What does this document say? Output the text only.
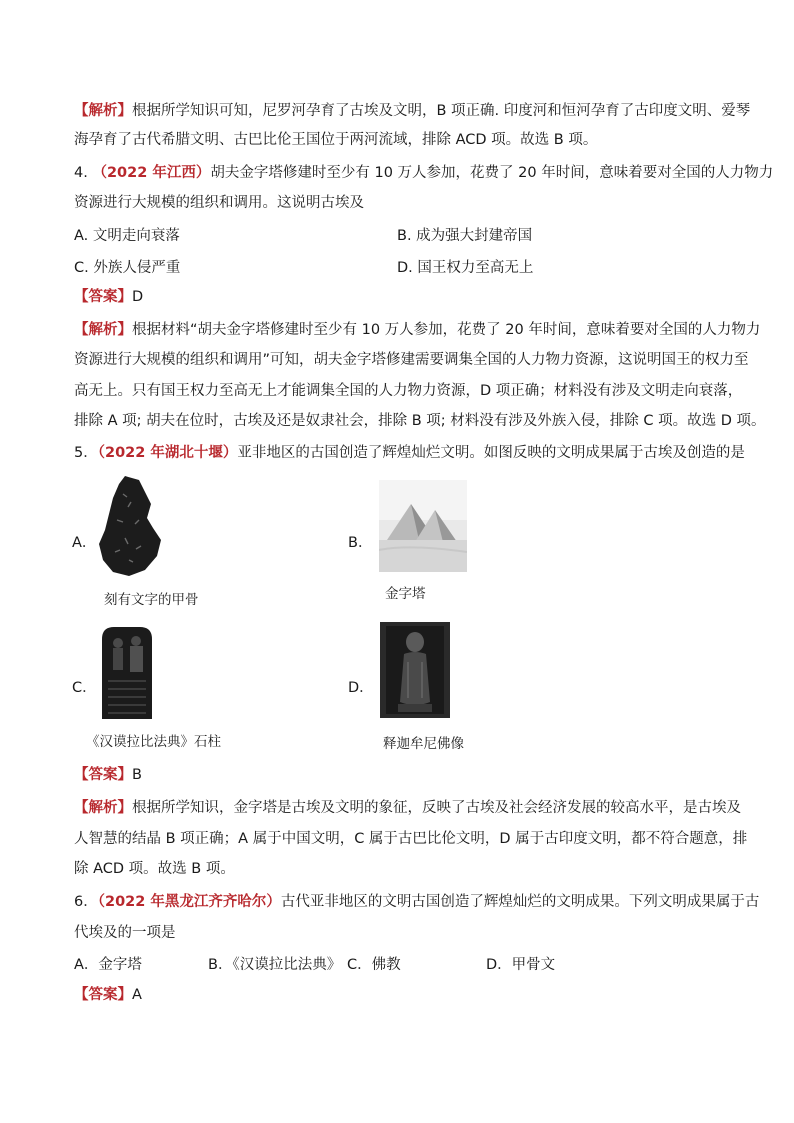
【解析】根据所学知识可知，尼罗河孕育了古埃及文明，B 项正确. 印度河和恒河孕育了古印度文明、爱琴
海孕育了古代希腊文明、古巴比伦王国位于两河流域，排除 ACD 项。故选 B 项。
4. （2022 年江西）胡夫金字塔修建时至少有 10 万人参加，花费了 20 年时间，意味着要对全国的人力物力
资源进行大规模的组织和调用。这说明古埃及
A. 文明走向衰落	B. 成为强大封建帝国
C. 外族人侵严重	D. 国王权力至高无上
【答案】D
【解析】根据材料“胡夫金字塔修建时至少有 10 万人参加，花费了 20 年时间，意味着要对全国的人力物力
资源进行大规模的组织和调用”可知，胡夫金字塔修建需要调集全国的人力物力资源，这说明国王的权力至
高无上。只有国王权力至高无上才能调集全国的人力物力资源，D 项正确；材料没有涉及文明走向衰落，
排除 A 项; 胡夫在位时，古埃及还是奴隶社会，排除 B 项; 材料没有涉及外族入侵，排除 C 项。故选 D 项。
5．（2022 年湖北十堰）亚非地区的古国创造了辉煌灿烂文明。如图反映的文明成果属于古埃及创造的是
A．
刻有文字的甲骨
B．
金字塔
C．
《汉谟拉比法典》石柱
D．
释迦牟尼佛像
【答案】B
【解析】根据所学知识，金字塔是古埃及文明的象征，反映了古埃及社会经济发展的较高水平，是古埃及
人智慧的结晶 B 项正确；A 属于中国文明，C 属于古巴比伦文明，D 属于古印度文明，都不符合题意，排
除 ACD 项。故选 B 项。
6．（2022 年黑龙江齐齐哈尔）古代亚非地区的文明古国创造了辉煌灿烂的文明成果。下列文明成果属于古
代埃及的一项是
A．金字塔	B．《汉谟拉比法典》 C．佛教	D．甲骨文
【答案】A
